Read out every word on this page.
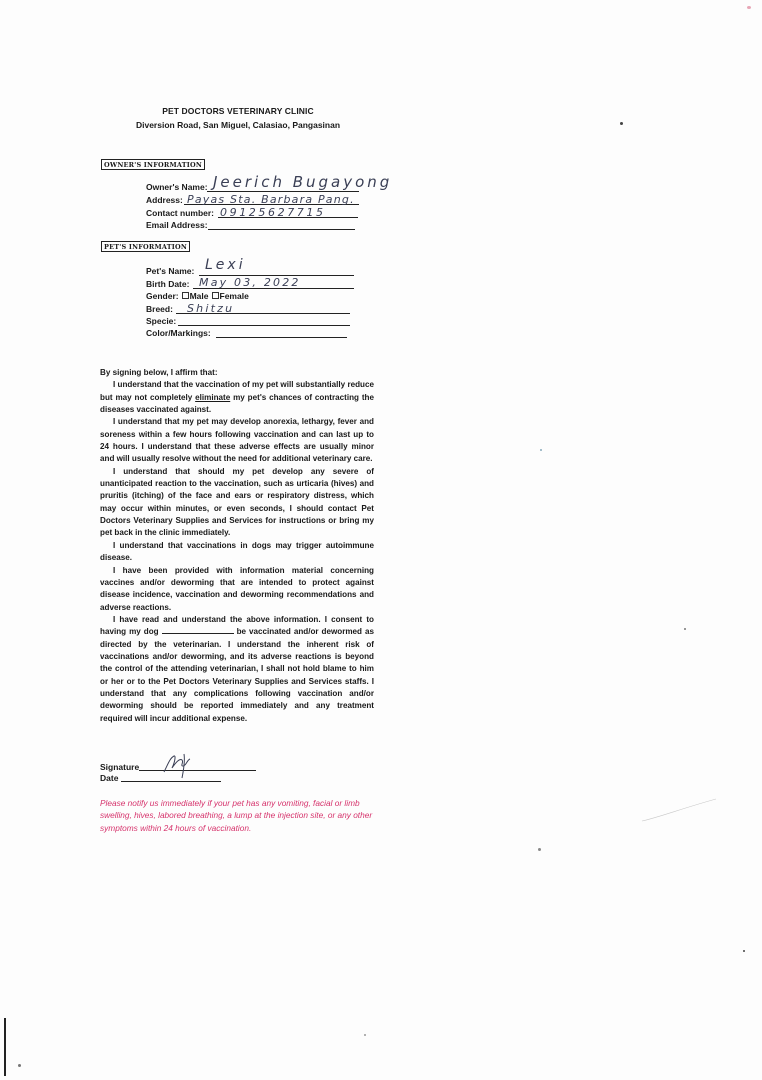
PET DOCTORS VETERINARY CLINIC
Diversion Road, San Miguel, Calasiao, Pangasinan
OWNER'S INFORMATION
Owner's Name: Jeerich Bugayong
Address: Payas Sta. Barbara Pang.
Contact number: 09125627715
Email Address:
PET'S INFORMATION
Pet's Name: Lexi
Birth Date: May 03, 2022
Gender: Male Female
Breed: Shitzu
Specie:
Color/Markings:

By signing below, I affirm that:

I understand that the vaccination of my pet will substantially reduce but may not completely eliminate my pet's chances of contracting the diseases vaccinated against.

I understand that my pet may develop anorexia, lethargy, fever and soreness within a few hours following vaccination and can last up to 24 hours. I understand that these adverse effects are usually minor and will usually resolve without the need for additional veterinary care.

I understand that should my pet develop any severe of unanticipated reaction to the vaccination, such as urticaria (hives) and pruritis (itching) of the face and ears or respiratory distress, which may occur within minutes, or even seconds, I should contact Pet Doctors Veterinary Supplies and Services for instructions or bring my pet back in the clinic immediately.

I understand that vaccinations in dogs may trigger autoimmune disease.

I have been provided with information material concerning vaccines and/or deworming that are intended to protect against disease incidence, vaccination and deworming recommendations and adverse reactions.

I have read and understand the above information. I consent to having my dog	be vaccinated and/or dewormed as directed by the veterinarian. I understand the inherent risk of vaccinations and/or deworming, and its adverse reactions is beyond the control of the attending veterinarian, I shall not hold blame to him or her or to the Pet Doctors Veterinary Supplies and Services staffs. I understand that any complications following vaccination and/or deworming should be reported immediately and any treatment required will incur additional expense.

Signature
Date
Please notify us immediately if your pet has any vomiting, facial or limb swelling, hives, labored breathing, a lump at the injection site, or any other symptoms within 24 hours of vaccination.
